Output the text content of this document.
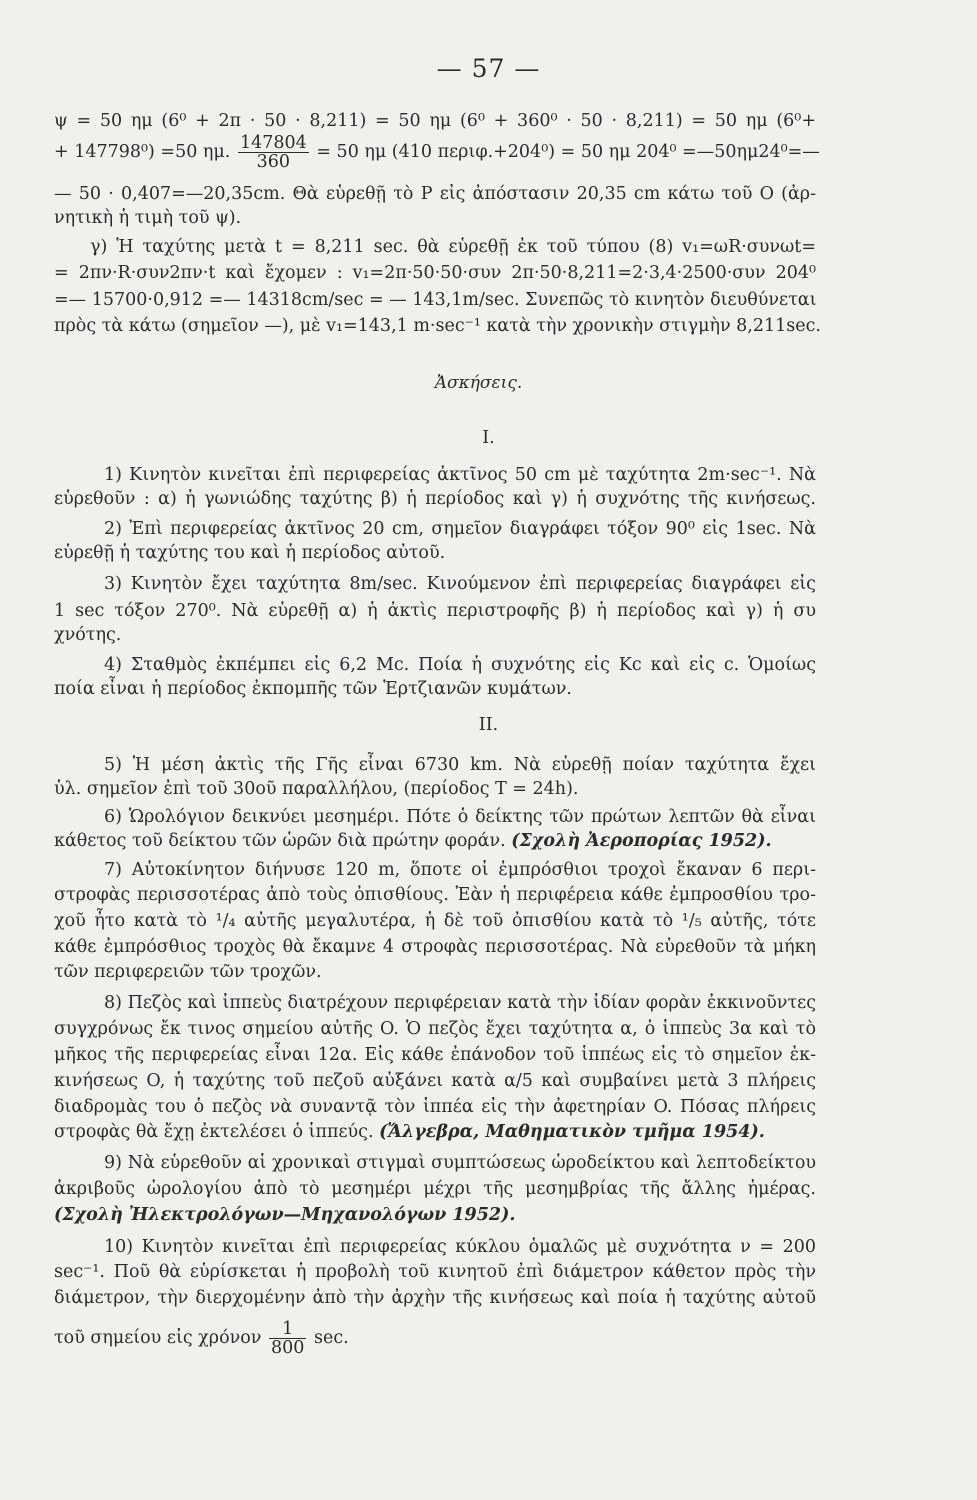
— 57 —
ψ = 50 ημ (6⁰ + 2π · 50 · 8,211) = 50 ημ (6⁰ + 360⁰ · 50 · 8,211) = 50 ημ (6⁰+
+ 147798⁰) =50 ημ. $\frac{147804}{360} = 50$ ημ (410 περιφ.+204⁰) = 50 ημ 204⁰ =—50ημ24⁰=—
— 50 · 0,407=—20,35cm. Θὰ εὑρεθῇ τὸ P εἰς ἀπόστασιν 20,35 cm κάτω τοῦ O (ἀρ-
νητικὴ ἡ τιμὴ τοῦ ψ).
γ) Ἡ ταχύτης μετὰ t = 8,211 sec. θὰ εὑρεθῇ ἐκ τοῦ τύπου (8) v₁=ωR·συνωt=
= 2πν·R·συν2πν·t καὶ ἔχομεν : v₁=2π·50·50·συν 2π·50·8,211=2·3,4·2500·συν 204⁰
=— 15700·0,912 =— 14318cm/sec = — 143,1m/sec. Συνεπῶς τὸ κινητὸν διευθύνεται
πρὸς τὰ κάτω (σημεῖον —), μὲ v₁=143,1 m·sec⁻¹ κατὰ τὴν χρονικὴν στιγμὴν 8,211sec.
Ἀσκήσεις.
I.
1) Κινητὸν κινεῖται ἐπὶ περιφερείας ἀκτῖνος 50 cm μὲ ταχύτητα 2m·sec⁻¹. Νὰ
εὑρεθοῦν : α) ἡ γωνιώδης ταχύτης β) ἡ περίοδος καὶ γ) ἡ συχνότης τῆς κινήσεως.
2) Ἐπὶ περιφερείας ἀκτῖνος 20 cm, σημεῖον διαγράφει τόξον 90⁰ εἰς 1sec. Νὰ
εὑρεθῇ ἡ ταχύτης του καὶ ἡ περίοδος αὐτοῦ.
3) Κινητὸν ἔχει ταχύτητα 8m/sec. Κινούμενον ἐπὶ περιφερείας διαγράφει εἰς
1 sec τόξον 270⁰. Νὰ εὑρεθῇ α) ἡ ἀκτὶς περιστροφῆς β) ἡ περίοδος καὶ γ) ἡ συ
χνότης.
4) Σταθμὸς ἐκπέμπει εἰς 6,2 Mc. Ποία ἡ συχνότης εἰς Kc καὶ εἰς c. Ὁμοίως
ποία εἶναι ἡ περίοδος ἐκπομπῆς τῶν Ἑρτζιανῶν κυμάτων.
II.
5) Ἡ μέση ἀκτὶς τῆς Γῆς εἶναι 6730 km. Νὰ εὑρεθῇ ποίαν ταχύτητα ἔχει
ὑλ. σημεῖον ἐπὶ τοῦ 30οῦ παραλλήλου, (περίοδος T = 24h).
6) Ὡρολόγιον δεικνύει μεσημέρι. Πότε ὁ δείκτης τῶν πρώτων λεπτῶν θὰ εἶναι
κάθετος τοῦ δείκτου τῶν ὡρῶν διὰ πρώτην φοράν. (Σχολὴ Ἀεροπορίας 1952).
7) Αὐτοκίνητον διήνυσε 120 m, ὅποτε οἱ ἐμπρόσθιοι τροχοὶ ἔκαναν 6 περι-
στροφὰς περισσοτέρας ἀπὸ τοὺς ὀπισθίους. Ἐὰν ἡ περιφέρεια κάθε ἐμπροσθίου τρο-
χοῦ ἦτο κατὰ τὸ ¹/₄ αὐτῆς μεγαλυτέρα, ἡ δὲ τοῦ ὀπισθίου κατὰ τὸ ¹/₅ αὐτῆς, τότε
κάθε ἐμπρόσθιος τροχὸς θὰ ἔκαμνε 4 στροφὰς περισσοτέρας. Νὰ εὑρεθοῦν τὰ μήκη
τῶν περιφερειῶν τῶν τροχῶν.
8) Πεζὸς καὶ ἱππεὺς διατρέχουν περιφέρειαν κατὰ τὴν ἰδίαν φορὰν ἐκκινοῦντες
συγχρόνως ἔκ τινος σημείου αὐτῆς O. Ὁ πεζὸς ἔχει ταχύτητα α, ὁ ἱππεὺς 3α καὶ τὸ
μῆκος τῆς περιφερείας εἶναι 12α. Εἰς κάθε ἐπάνοδον τοῦ ἱππέως εἰς τὸ σημεῖον ἐκ-
κινήσεως O, ἡ ταχύτης τοῦ πεζοῦ αὐξάνει κατὰ α/5 καὶ συμβαίνει μετὰ 3 πλήρεις
διαδρομὰς του ὁ πεζὸς νὰ συναντᾷ τὸν ἱππέα εἰς τὴν ἀφετηρίαν O. Πόσας πλήρεις
στροφὰς θὰ ἔχῃ ἐκτελέσει ὁ ἱππεύς. (Ἄλγεβρα, Μαθηματικὸν τμῆμα 1954).
9) Νὰ εὑρεθοῦν αἱ χρονικαὶ στιγμαὶ συμπτώσεως ὡροδείκτου καὶ λεπτοδείκτου
ἀκριβοῦς ὡρολογίου ἀπὸ τὸ μεσημέρι μέχρι τῆς μεσημβρίας τῆς ἄλλης ἡμέρας.
(Σχολὴ Ἠλεκτρολόγων—Μηχανολόγων 1952).
10) Κινητὸν κινεῖται ἐπὶ περιφερείας κύκλου ὁμαλῶς μὲ συχνότητα ν = 200
sec⁻¹. Ποῦ θὰ εὑρίσκεται ἡ προβολὴ τοῦ κινητοῦ ἐπὶ διάμετρον κάθετον πρὸς τὴν
διάμετρον, τὴν διερχομένην ἀπὸ τὴν ἀρχὴν τῆς κινήσεως καὶ ποία ἡ ταχύτης αὐτοῦ
τοῦ σημείου εἰς χρόνον $\frac{1}{800} \sec$.
